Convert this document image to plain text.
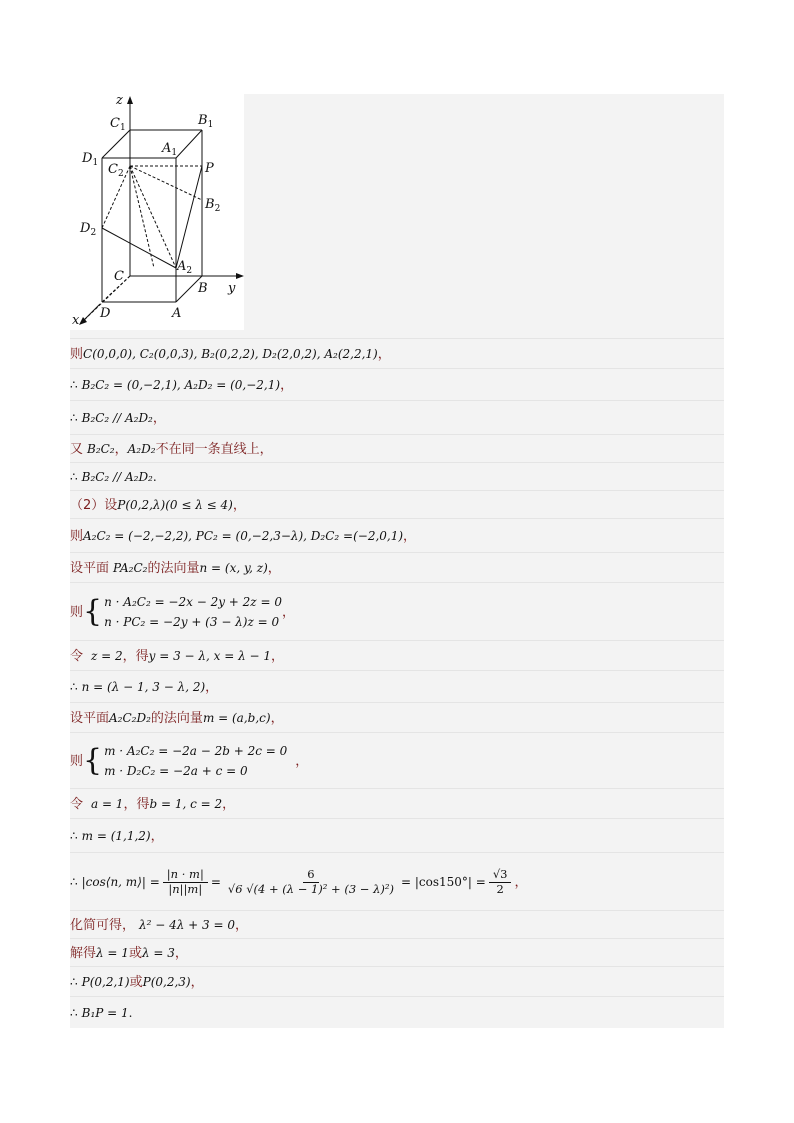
z
y
x
$C_1$	$B_1$
$D_1$
$A_1$
$C_2$	P
$B_2$
$D_2$
$A_2$
C
B
D	A
则 C(0,0,0), C₂(0,0,3), B₂(0,2,2), D₂(2,0,2), A₂(2,2,1) ，
∴
B₂C₂ = (0,−2,1), A₂D₂ = (0,−2,1) ，
∴
B₂C₂ // A₂D₂ ，
又
B₂C₂ ， A₂D₂ 不在同一条直线上 ，
∴
B₂C₂ // A₂D₂ .
（2）设 P(0,2,λ)(0 ≤ λ ≤ 4) ，
则 A₂C₂ = (−2,−2,2), PC₂ = (0,−2,3−λ), D₂C₂ =(−2,0,1) ，
设平面
PA₂C₂ 的法向量 n = (x, y, z) ，
则 { n · A₂C₂ = −2x − 2y + 2z = 0
n · PC₂ = −2y + (3 − λ)z = 0
，
令
z = 2 ，得 y = 3 − λ, x = λ − 1 ，
∴
n = (λ − 1, 3 − λ, 2) ，
设平面 A₂C₂D₂ 的法向量 m = (a,b,c) ，
则 { m · A₂C₂ = −2a − 2b + 2c = 0
m · D₂C₂ = −2a + c = 0

，
令
a = 1 ，得 b = 1, c = 2 ，
∴
m = (1,1,2) ，
∴
|cos⟨n, m⟩| = $\frac{|n \cdot m|}{|n||m|} = \frac{6}{\text{√6 √(4 + (λ − 1)² + (3 − λ)²)}} = |\cos 150^\circ| = \frac{√3}{2}$ ，
化简可得，
λ² − 4λ + 3 = 0 ，
解得 λ = 1 或 λ = 3 ，
∴
P(0,2,1) 或 P(0,2,3) ，
∴
B₁P = 1 .
